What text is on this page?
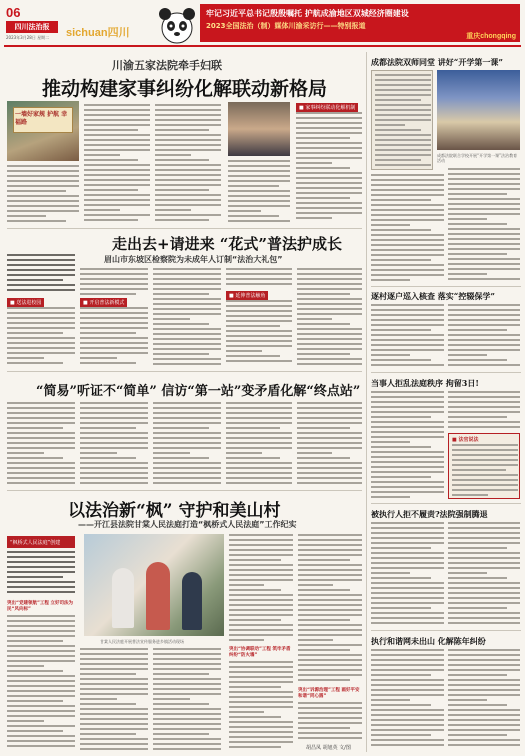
06
四川法治报
2023年3月28日 星期二 sichuan四川
牢记习近平总书记殷殷嘱托 护航成渝地区双城经济圈建设
2023全国法治（制）媒体川渝采访行——特别报道
重庆chongqing
川渝五家法院牵手妇联
推动构建家事纠纷化解联动新格局
一墙好家规 护航 幸福路
■ 家事纠纷联动化解机制
走出去+请进来 “花式”普法护成长
眉山市东坡区检察院为未成年人订制“法治大礼包”
■ 送法进校园	■ 开启普法新模式
■ 延伸普法触角
“简易”听证不“简单” 信访“第一站”变矛盾化解“终点站”
以法治新“枫” 守护和美山村
——开江县法院甘棠人民法庭打造“枫桥式人民法庭”工作纪实
“枫桥式人民法庭”创建
突出“党建领航”工程 立好司法为民“风向标”
甘棠人民法庭开展普法宣传服务进乡镇活动现场
突出“协调联动”工程 筑牢矛盾纠纷“防火墙”
突出“诉源治理”工程 画好平安和谐“同心圆”
胡昌凤 胡旭英 文/图
成都法院双师同堂 讲好“开学第一课”
成都法院联合学校开展“开学第一课”法治教育活动
逐村逐户巡入核查 落实“控辍保学”
当事人拒乱法庭秩序 拘留3日!
■ 法官说法
被执行人拒不履责?法院强制腾退
执行和谐网未出山 化解陈年纠纷
